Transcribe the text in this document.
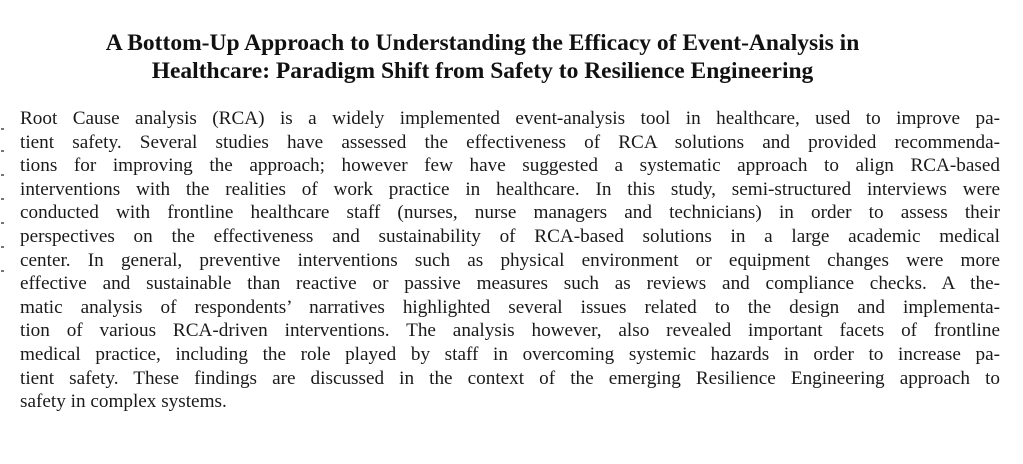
A Bottom-Up Approach to Understanding the Efficacy of Event-Analysis in
Healthcare: Paradigm Shift from Safety to Resilience Engineering
Root Cause analysis (RCA) is a widely implemented event-analysis tool in healthcare, used to improve pa-
tient safety. Several studies have assessed the effectiveness of RCA solutions and provided recommenda-
tions for improving the approach; however few have suggested a systematic approach to align RCA-based
interventions with the realities of work practice in healthcare. In this study, semi-structured interviews were
conducted with frontline healthcare staff (nurses, nurse managers and technicians) in order to assess their
perspectives on the effectiveness and sustainability of RCA-based solutions in a large academic medical
center. In general, preventive interventions such as physical environment or equipment changes were more
effective and sustainable than reactive or passive measures such as reviews and compliance checks. A the-
matic analysis of respondents’ narratives highlighted several issues related to the design and implementa-
tion of various RCA-driven interventions. The analysis however, also revealed important facets of frontline
medical practice, including the role played by staff in overcoming systemic hazards in order to increase pa-
tient safety. These findings are discussed in the context of the emerging Resilience Engineering approach to
safety in complex systems.
